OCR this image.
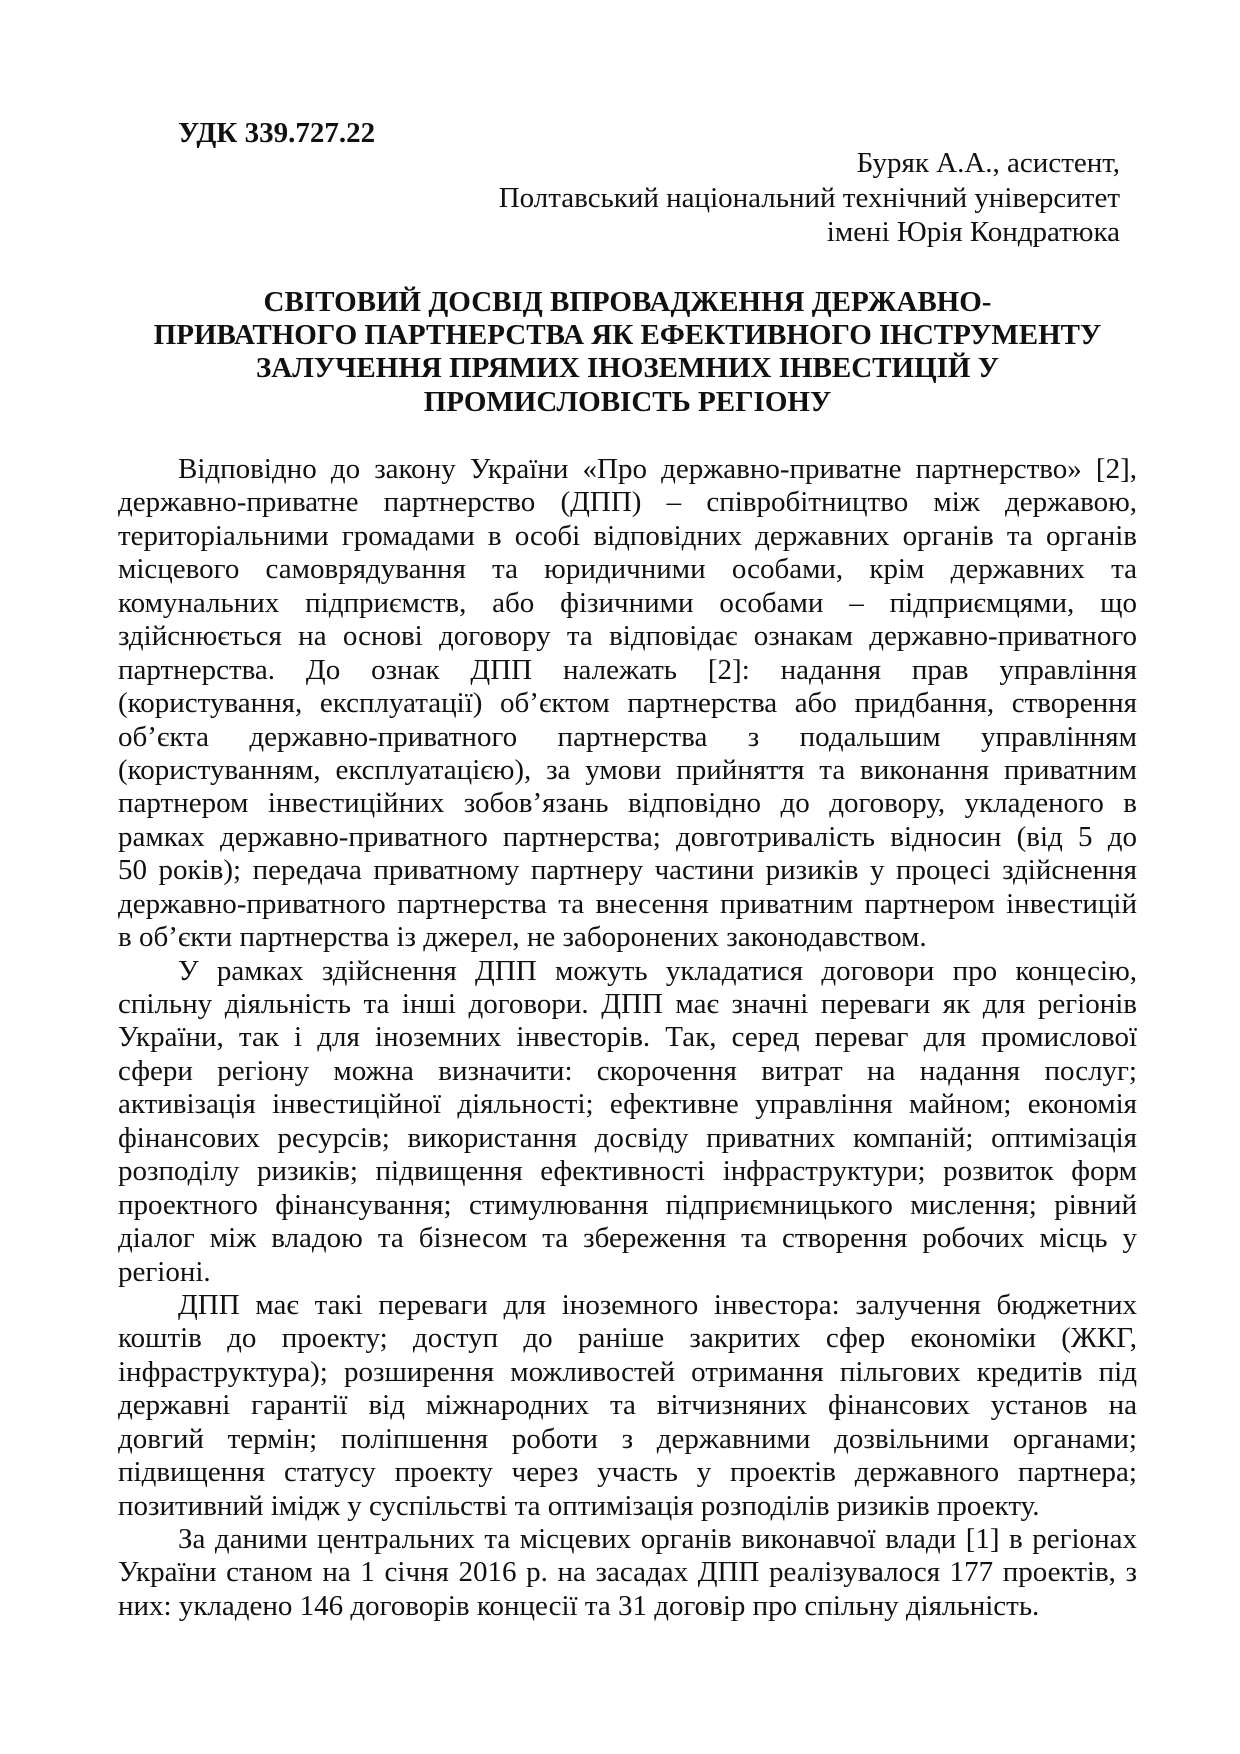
УДК 339.727.22
Буряк А.А., асистент,
Полтавський національний технічний університет
імені Юрія Кондратюка
СВІТОВИЙ ДОСВІД ВПРОВАДЖЕННЯ ДЕРЖАВНО-
ПРИВАТНОГО ПАРТНЕРСТВА ЯК ЕФЕКТИВНОГО ІНСТРУМЕНТУ
ЗАЛУЧЕННЯ ПРЯМИХ ІНОЗЕМНИХ ІНВЕСТИЦІЙ У
ПРОМИСЛОВІСТЬ РЕГІОНУ
Відповідно до закону України «Про державно-приватне партнерство» [2],
державно-приватне партнерство (ДПП) – співробітництво між державою,
територіальними громадами в особі відповідних державних органів та органів
місцевого самоврядування та юридичними особами, крім державних та
комунальних підприємств, або фізичними особами – підприємцями, що
здійснюється на основі договору та відповідає ознакам державно-приватного
партнерства. До ознак ДПП належать [2]: надання прав управління
(користування, експлуатації) об’єктом партнерства або придбання, створення
об’єкта державно-приватного партнерства з подальшим управлінням
(користуванням, експлуатацією), за умови прийняття та виконання приватним
партнером інвестиційних зобов’язань відповідно до договору, укладеного в
рамках державно-приватного партнерства; довготривалість відносин (від 5 до
50 років); передача приватному партнеру частини ризиків у процесі здійснення
державно-приватного партнерства та внесення приватним партнером інвестицій
в об’єкти партнерства із джерел, не заборонених законодавством.
У рамках здійснення ДПП можуть укладатися договори про концесію,
спільну діяльність та інші договори. ДПП має значні переваги як для регіонів
України, так і для іноземних інвесторів. Так, серед переваг для промислової
сфери регіону можна визначити: скорочення витрат на надання послуг;
активізація інвестиційної діяльності; ефективне управління майном; економія
фінансових ресурсів; використання досвіду приватних компаній; оптимізація
розподілу ризиків; підвищення ефективності інфраструктури; розвиток форм
проектного фінансування; стимулювання підприємницького мислення; рівний
діалог між владою та бізнесом та збереження та створення робочих місць у
регіоні.
ДПП має такі переваги для іноземного інвестора: залучення бюджетних
коштів до проекту; доступ до раніше закритих сфер економіки (ЖКГ,
інфраструктура); розширення можливостей отримання пільгових кредитів під
державні гарантії від міжнародних та вітчизняних фінансових установ на
довгий термін; поліпшення роботи з державними дозвільними органами;
підвищення статусу проекту через участь у проектів державного партнера;
позитивний імідж у суспільстві та оптимізація розподілів ризиків проекту.
За даними центральних та місцевих органів виконавчої влади [1] в регіонах
України станом на 1 січня 2016 р. на засадах ДПП реалізувалося 177 проектів, з
них: укладено 146 договорів концесії та 31 договір про спільну діяльність.
